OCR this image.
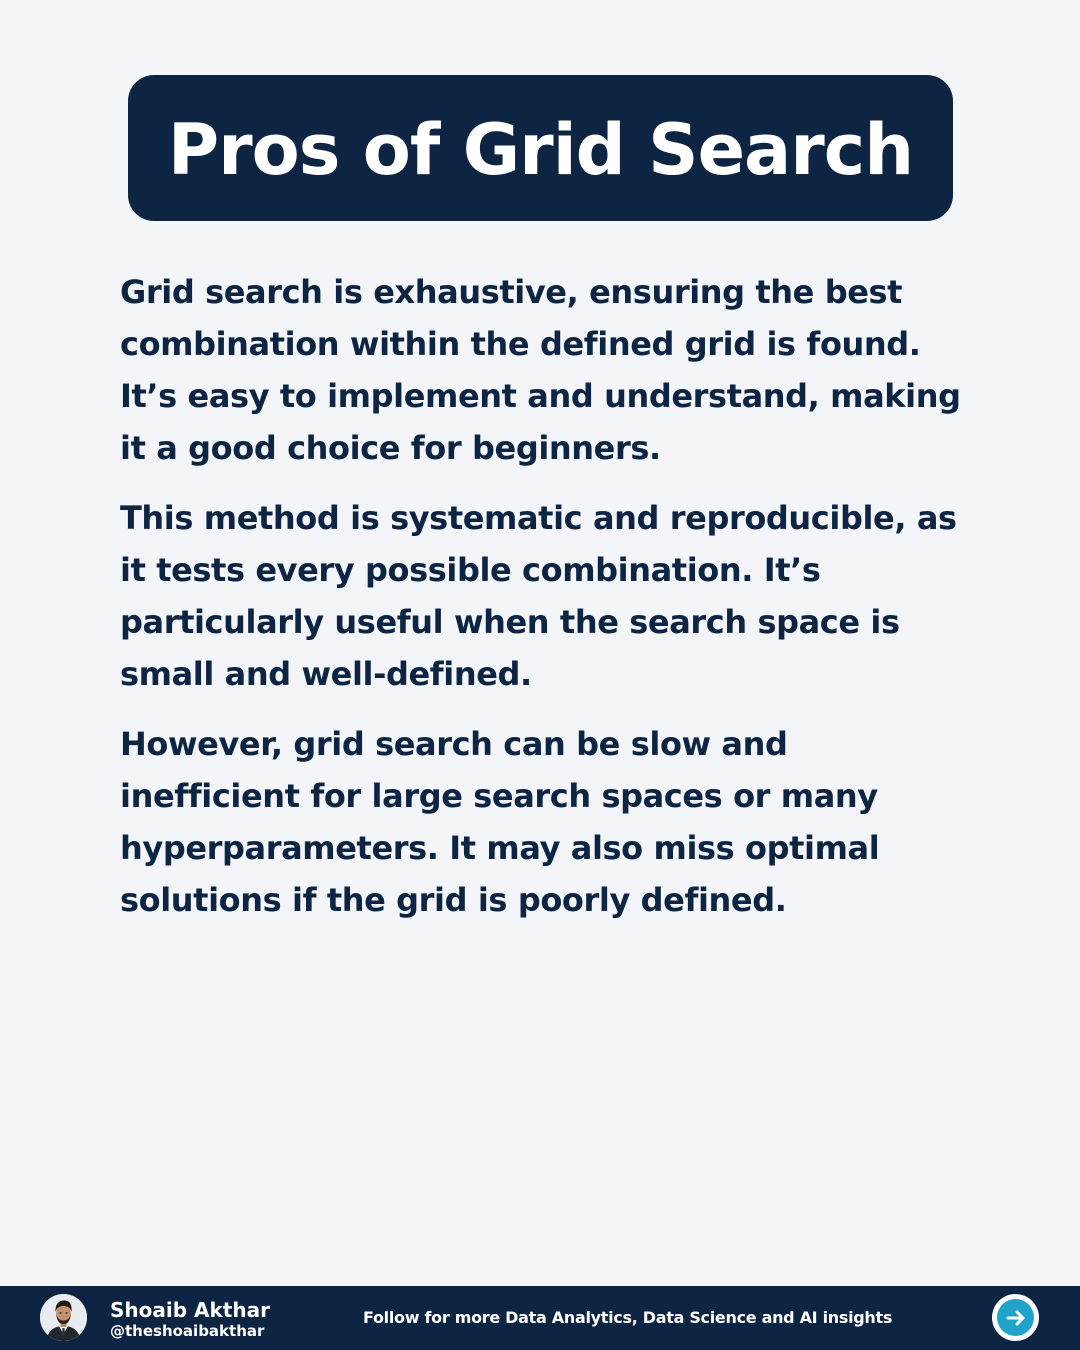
Pros of Grid Search

Grid search is exhaustive, ensuring the best combination within the defined grid is found. It’s easy to implement and understand, making it a good choice for beginners.

This method is systematic and reproducible, as it tests every possible combination. It’s particularly useful when the search space is small and well-defined.

However, grid search can be slow and inefficient for large search spaces or many hyperparameters. It may also miss optimal solutions if the grid is poorly defined.

Shoaib Akthar
@theshoaibakthar
Follow for more Data Analytics, Data Science and AI insights
